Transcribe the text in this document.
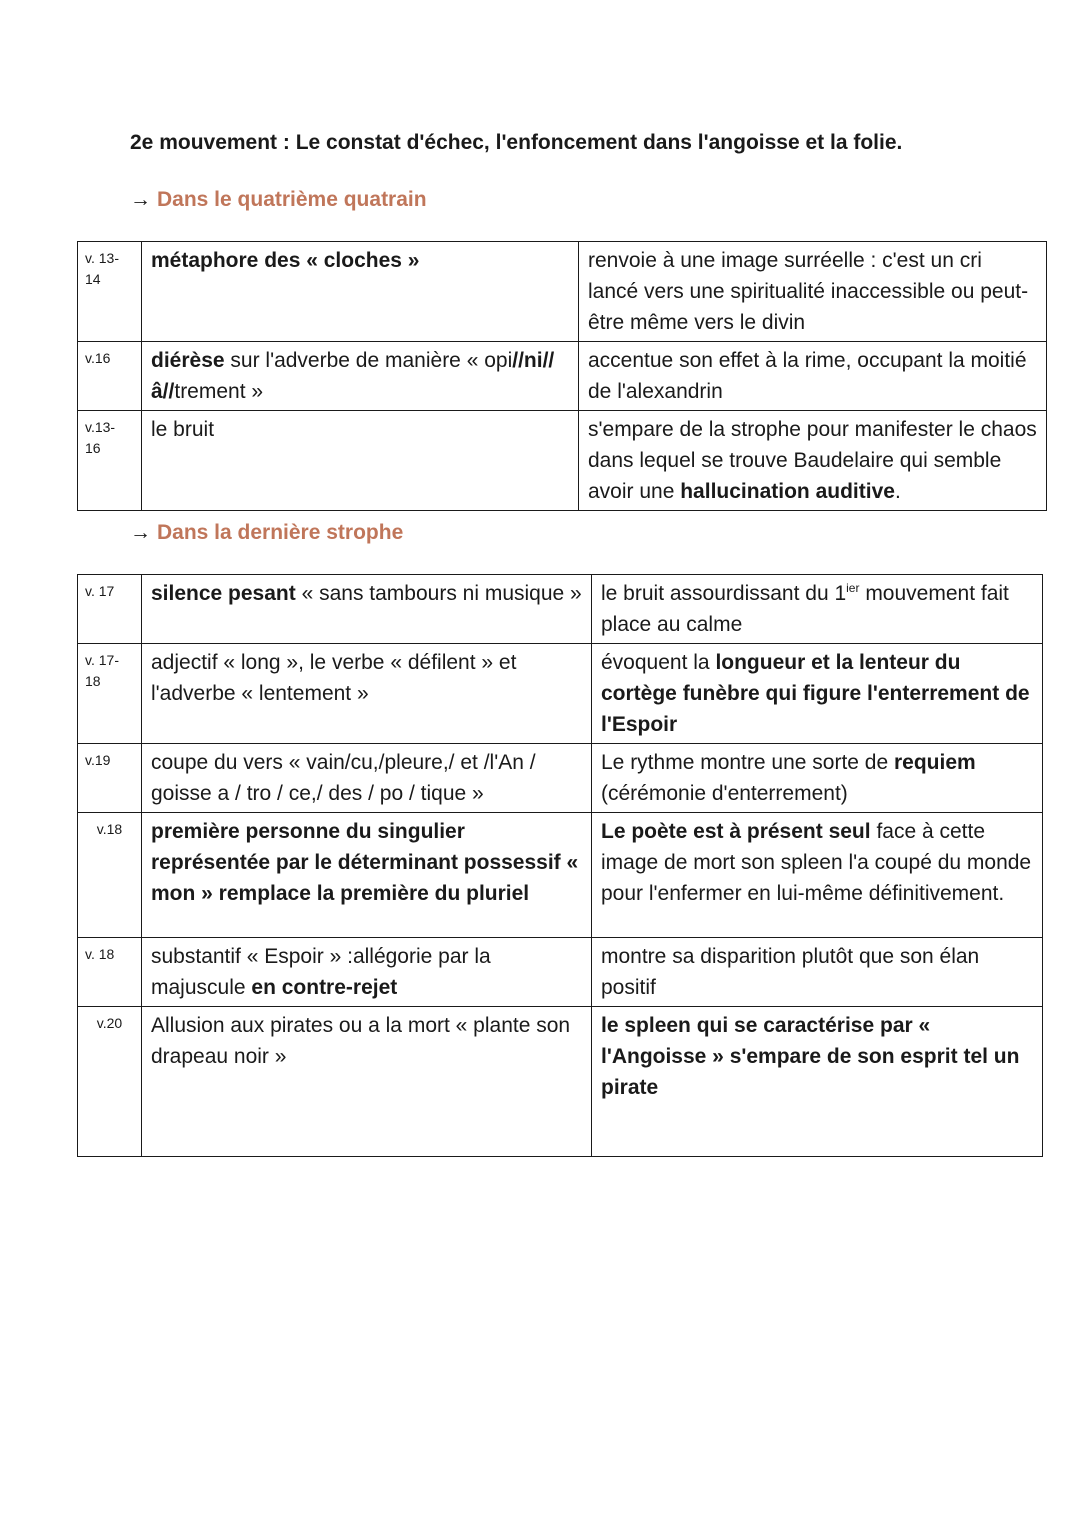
2e mouvement : Le constat d'échec, l'enfoncement dans l'angoisse et la folie.
→ Dans le quatrième quatrain
v. 13- 14	métaphore des « cloches »	renvoie à une image surréelle : c'est un cri lancé vers une spiritualité inaccessible ou peut-être même vers le divin
v.16	diérèse sur l'adverbe de manière « opi//ni//â//trement »	accentue son effet à la rime, occupant la moitié de l'alexandrin
v.13- 16	le bruit	s'empare de la strophe pour manifester le chaos dans lequel se trouve Baudelaire qui semble avoir une hallucination auditive.
→ Dans la dernière strophe
v. 17	silence pesant « sans tambours ni musique »	le bruit assourdissant du $1^{ier}$ mouvement fait place au calme
v. 17- 18	adjectif « long », le verbe « défilent » et l'adverbe « lentement »	évoquent la longueur et la lenteur du cortège funèbre qui figure l'enterrement de l'Espoir
v.19	coupe du vers « vain/cu,/pleure,/ et /l'An / goisse a / tro / ce,/ des / po / tique »	Le rythme montre une sorte de requiem (cérémonie d'enterrement)
v.18	première personne du singulier représentée par le déterminant possessif « mon » remplace la première du pluriel	Le poète est à présent seul face à cette image de mort son spleen l'a coupé du monde pour l'enfermer en lui-même définitivement.
v. 18	substantif « Espoir » :allégorie par la majuscule en contre-rejet	montre sa disparition plutôt que son élan positif
v.20	Allusion aux pirates ou a la mort « plante son drapeau noir »	le spleen qui se caractérise par « l'Angoisse » s'empare de son esprit tel un pirate
